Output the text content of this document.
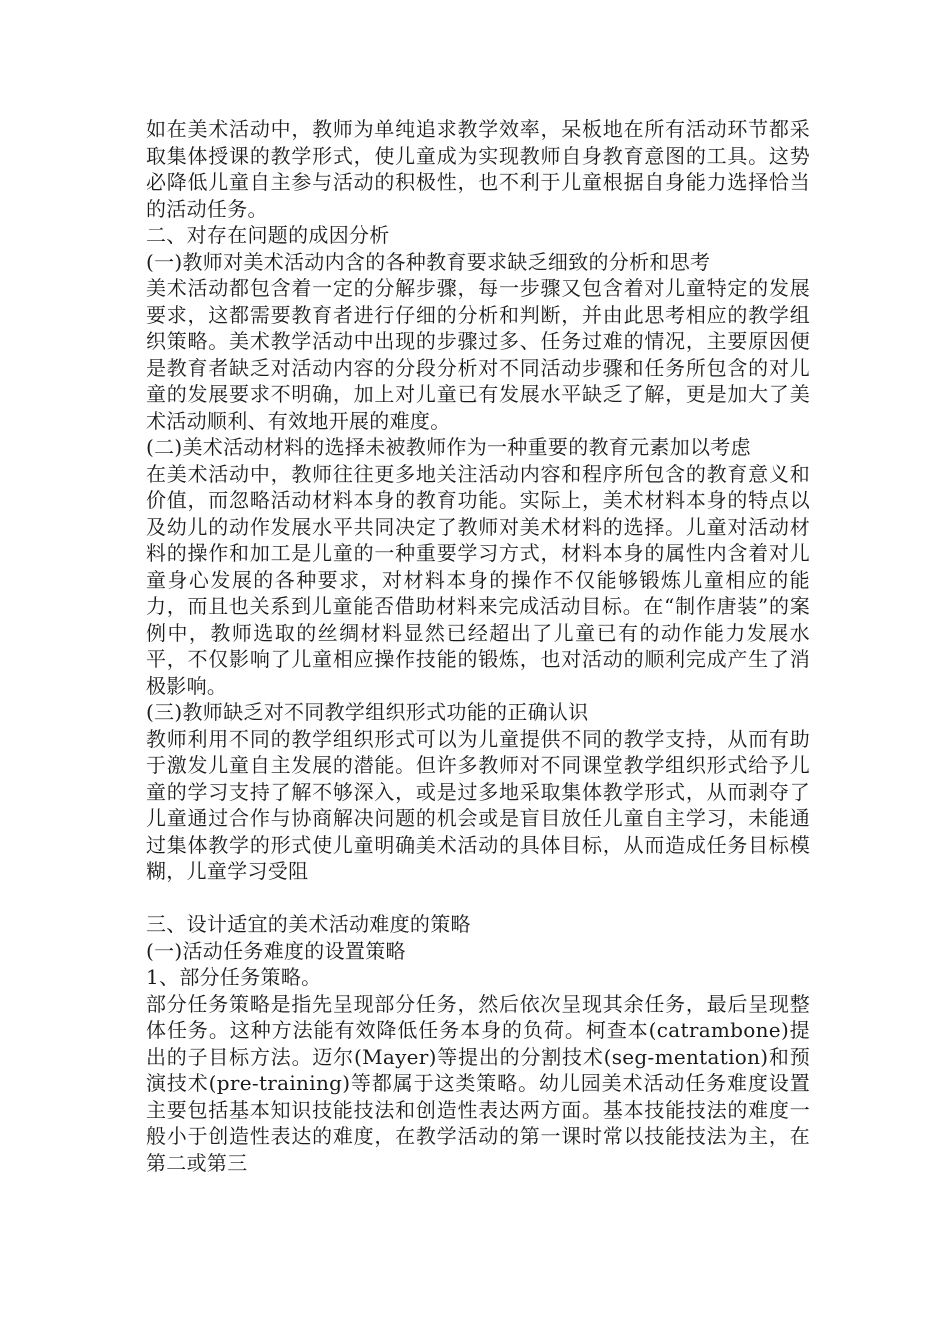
如在美术活动中，教师为单纯追求教学效率，呆板地在所有活动环节都采取集体授课的教学形式，使儿童成为实现教师自身教育意图的工具。这势必降低儿童自主参与活动的积极性，也不利于儿童根据自身能力选择恰当的活动任务。

二、对存在问题的成因分析

(一)教师对美术活动内含的各种教育要求缺乏细致的分析和思考

美术活动都包含着一定的分解步骤，每一步骤又包含着对儿童特定的发展要求，这都需要教育者进行仔细的分析和判断，并由此思考相应的教学组织策略。美术教学活动中出现的步骤过多、任务过难的情况，主要原因便是教育者缺乏对活动内容的分段分析对不同活动步骤和任务所包含的对儿童的发展要求不明确，加上对儿童已有发展水平缺乏了解，更是加大了美术活动顺利、有效地开展的难度。

(二)美术活动材料的选择未被教师作为一种重要的教育元素加以考虑

在美术活动中，教师往往更多地关注活动内容和程序所包含的教育意义和价值，而忽略活动材料本身的教育功能。实际上，美术材料本身的特点以及幼儿的动作发展水平共同决定了教师对美术材料的选择。儿童对活动材料的操作和加工是儿童的一种重要学习方式，材料本身的属性内含着对儿童身心发展的各种要求，对材料本身的操作不仅能够锻炼儿童相应的能力，而且也关系到儿童能否借助材料来完成活动目标。在“制作唐装”的案例中，教师选取的丝绸材料显然已经超出了儿童已有的动作能力发展水平，不仅影响了儿童相应操作技能的锻炼，也对活动的顺利完成产生了消极影响。

(三)教师缺乏对不同教学组织形式功能的正确认识

教师利用不同的教学组织形式可以为儿童提供不同的教学支持，从而有助于激发儿童自主发展的潜能。但许多教师对不同课堂教学组织形式给予儿童的学习支持了解不够深入，或是过多地采取集体教学形式，从而剥夺了儿童通过合作与协商解决问题的机会或是盲目放任儿童自主学习，未能通过集体教学的形式使儿童明确美术活动的具体目标，从而造成任务目标模糊，儿童学习受阻

三、设计适宜的美术活动难度的策略

(一)活动任务难度的设置策略

1、部分任务策略。

部分任务策略是指先呈现部分任务，然后依次呈现其余任务，最后呈现整体任务。这种方法能有效降低任务本身的负荷。柯查本(catrambone)提出的子目标方法。迈尔(Mayer)等提出的分割技术(seg-mentation)和预演技术(pre-training)等都属于这类策略。幼儿园美术活动任务难度设置主要包括基本知识技能技法和创造性表达两方面。基本技能技法的难度一般小于创造性表达的难度，在教学活动的第一课时常以技能技法为主，在第二或第三
